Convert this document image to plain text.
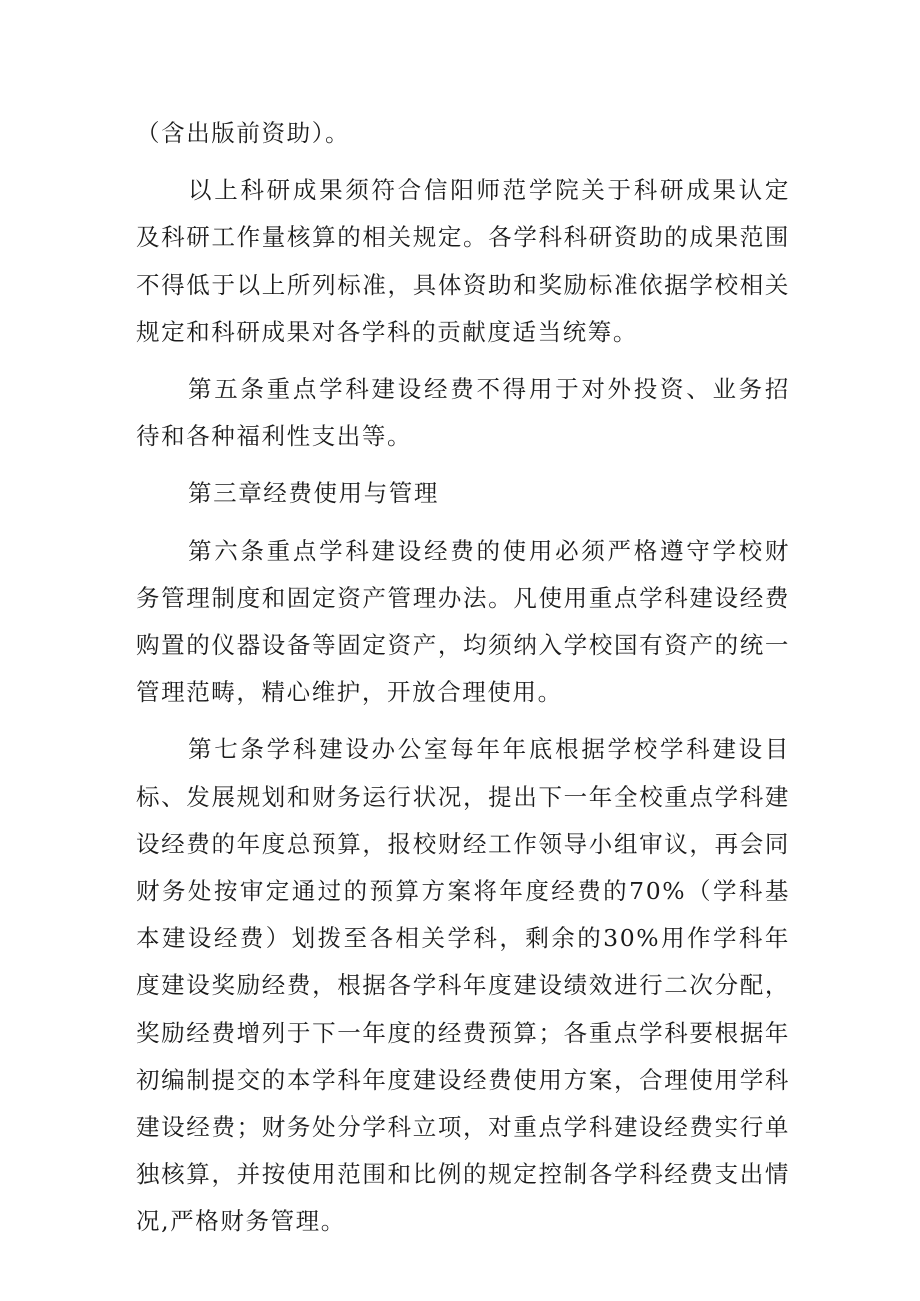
（含出版前资助）。

以上科研成果须符合信阳师范学院关于科研成果认定及科研工作量核算的相关规定。各学科科研资助的成果范围不得低于以上所列标准，具体资助和奖励标准依据学校相关规定和科研成果对各学科的贡献度适当统筹。

第五条重点学科建设经费不得用于对外投资、业务招待和各种福利性支出等。

第三章经费使用与管理

第六条重点学科建设经费的使用必须严格遵守学校财务管理制度和固定资产管理办法。凡使用重点学科建设经费购置的仪器设备等固定资产，均须纳入学校国有资产的统一管理范畴，精心维护，开放合理使用。

第七条学科建设办公室每年年底根据学校学科建设目标、发展规划和财务运行状况，提出下一年全校重点学科建设经费的年度总预算，报校财经工作领导小组审议，再会同财务处按审定通过的预算方案将年度经费的70%（学科基本建设经费）划拨至各相关学科，剩余的30%用作学科年度建设奖励经费，根据各学科年度建设绩效进行二次分配，奖励经费增列于下一年度的经费预算；各重点学科要根据年初编制提交的本学科年度建设经费使用方案，合理使用学科建设经费；财务处分学科立项，对重点学科建设经费实行单独核算，并按使用范围和比例的规定控制各学科经费支出情况,严格财务管理。
